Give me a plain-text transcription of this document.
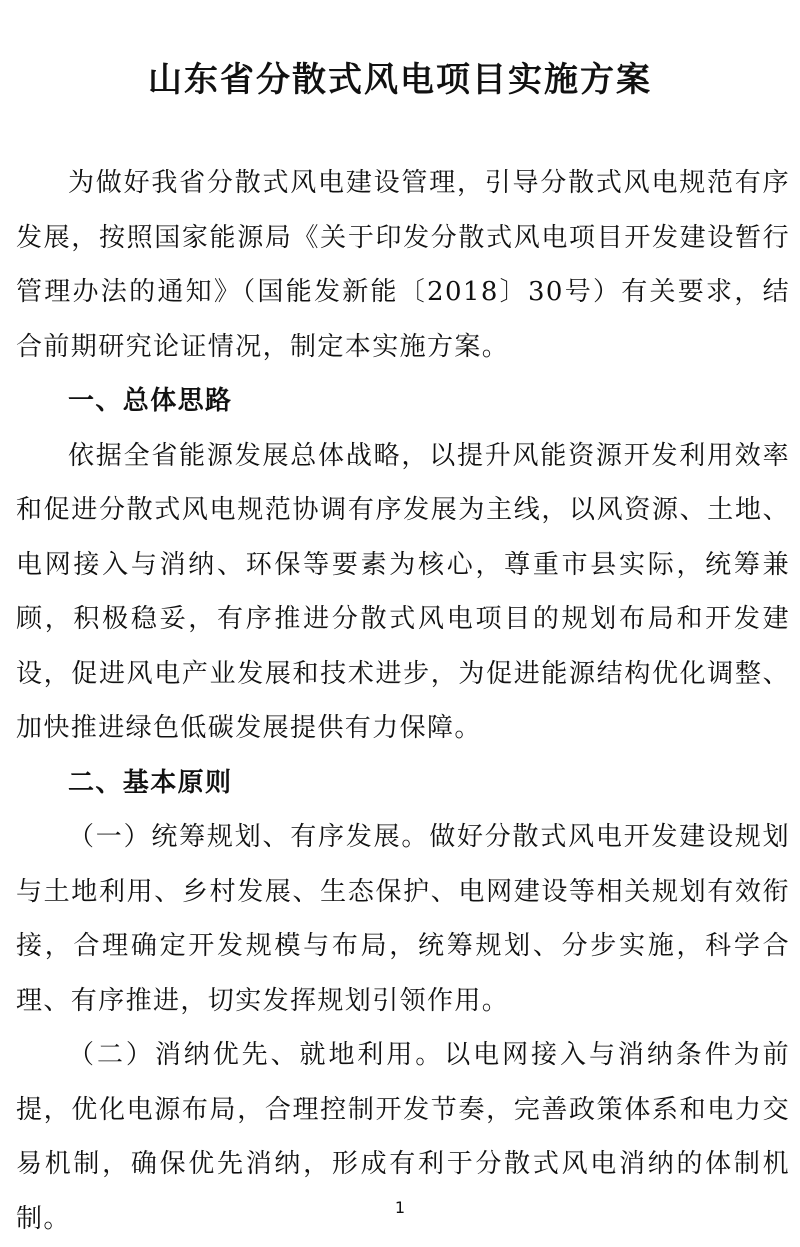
山东省分散式风电项目实施方案

为做好我省分散式风电建设管理，引导分散式风电规范有序发展，按照国家能源局《关于印发分散式风电项目开发建设暂行管理办法的通知》（国能发新能〔2018〕30号）有关要求，结合前期研究论证情况，制定本实施方案。

一、总体思路

依据全省能源发展总体战略，以提升风能资源开发利用效率和促进分散式风电规范协调有序发展为主线，以风资源、土地、电网接入与消纳、环保等要素为核心，尊重市县实际，统筹兼顾，积极稳妥，有序推进分散式风电项目的规划布局和开发建设，促进风电产业发展和技术进步，为促进能源结构优化调整、加快推进绿色低碳发展提供有力保障。

二、基本原则

（一）统筹规划、有序发展。做好分散式风电开发建设规划与土地利用、乡村发展、生态保护、电网建设等相关规划有效衔接，合理确定开发规模与布局，统筹规划、分步实施，科学合理、有序推进，切实发挥规划引领作用。

（二）消纳优先、就地利用。以电网接入与消纳条件为前提，优化电源布局，合理控制开发节奏，完善政策体系和电力交易机制，确保优先消纳，形成有利于分散式风电消纳的体制机制。	1
